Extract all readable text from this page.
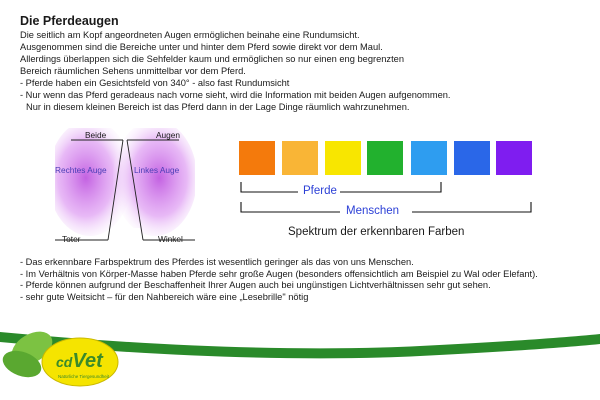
Die Pferdeaugen
Die seitlich am Kopf angeordneten Augen ermöglichen beinahe eine Rundumsicht.
Ausgenommen sind die Bereiche unter und hinter dem Pferd sowie direkt vor dem Maul.
Allerdings überlappen sich die Sehfelder kaum und ermöglichen so nur einen eng begrenzten
Bereich räumlichen Sehens unmittelbar vor dem Pferd.
- Pferde haben ein Gesichtsfeld von 340° - also fast Rundumsicht
- Nur wenn das Pferd geradeaus nach vorne sieht, wird die Information mit beiden Augen aufgenommen.
Nur in diesem kleinen Bereich ist das Pferd dann in der Lage Dinge räumlich wahrzunehmen.
Beide	Augen
Rechtes Auge	Linkes Auge
Toter	Winkel
Pferde
Menschen
Spektrum der erkennbaren Farben
- Das erkennbare Farbspektrum des Pferdes ist wesentlich geringer als das von uns Menschen.
- Im Verhältnis von Körper-Masse haben Pferde sehr große Augen (besonders offensichtlich am Beispiel zu Wal oder Elefant).
- Pferde können aufgrund der Beschaffenheit Ihrer Augen auch bei ungünstigen Lichtverhältnissen sehr gut sehen.
- sehr gute Weitsicht – für den Nahbereich wäre eine „Lesebrille" nötig
cdVet
Natürliche Tiergesundheit
